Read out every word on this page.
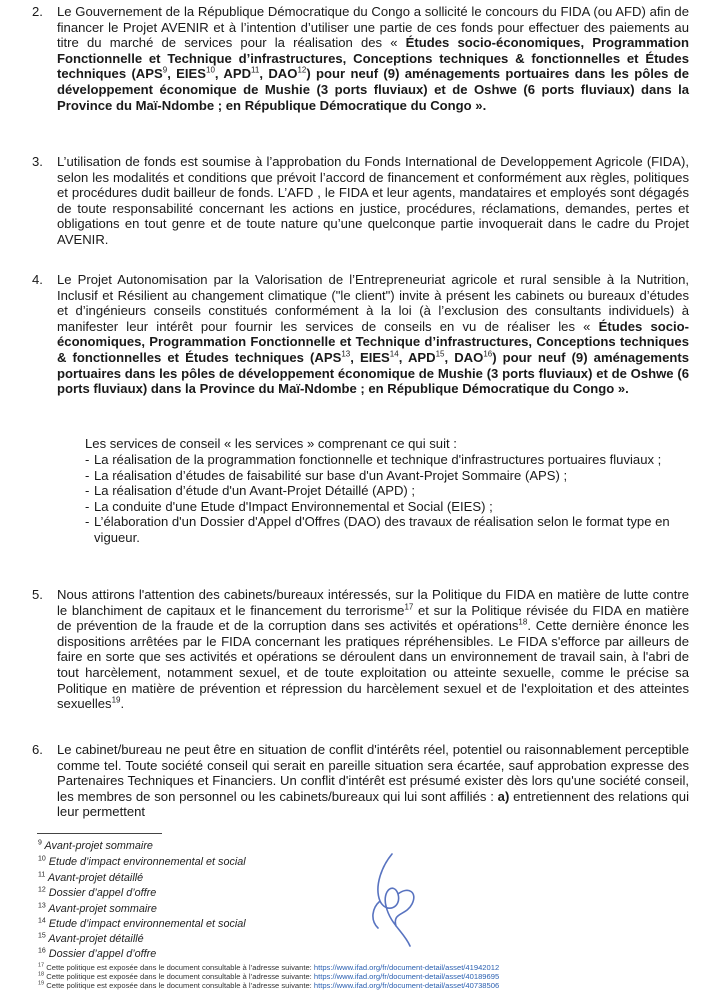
2. Le Gouvernement de la République Démocratique du Congo a sollicité le concours du FIDA (ou AFD) afin de financer le Projet AVENIR et à l’intention d’utiliser une partie de ces fonds pour effectuer des paiements au titre du marché de services pour la réalisation des « Études socio-économiques, Programmation Fonctionnelle et Technique d’infrastructures, Conceptions techniques & fonctionnelles et Études techniques (APS$^9$, EIES$^{10}$, APD$^{11}$, DAO$^{12}$) pour neuf (9) aménagements portuaires dans les pôles de développement économique de Mushie (3 ports fluviaux) et de Oshwe (6 ports fluviaux) dans la Province du Maï-Ndombe ; en République Démocratique du Congo ».
3. L’utilisation de fonds est soumise à l’approbation du Fonds International de Developpement Agricole (FIDA), selon les modalités et conditions que prévoit l’accord de financement et conformément aux règles, politiques et procédures dudit bailleur de fonds. L’AFD , le FIDA et leur agents, mandataires et employés sont dégagés de toute responsabilité concernant les actions en justice, procédures, réclamations, demandes, pertes et obligations en tout genre et de toute nature qu’une quelconque partie invoquerait dans le cadre du Projet AVENIR.
4. Le Projet Autonomisation par la Valorisation de l’Entrepreneuriat agricole et rural sensible à la Nutrition, Inclusif et Résilient au changement climatique ("le client") invite à présent les cabinets ou bureaux d’études et d’ingénieurs conseils constitués conformément à la loi (à l’exclusion des consultants individuels) à manifester leur intérêt pour fournir les services de conseils en vu de réaliser les « Études socio-économiques, Programmation Fonctionnelle et Technique d’infrastructures, Conceptions techniques & fonctionnelles et Études techniques (APS$^{13}$, EIES$^{14}$, APD$^{15}$, DAO$^{16}$) pour neuf (9) aménagements portuaires dans les pôles de développement économique de Mushie (3 ports fluviaux) et de Oshwe (6 ports fluviaux) dans la Province du Maï-Ndombe ; en République Démocratique du Congo ».
Les services de conseil « les services » comprenant ce qui suit :
- La réalisation de la programmation fonctionnelle et technique d'infrastructures portuaires fluviaux ;
- La réalisation d’études de faisabilité sur base d'un Avant-Projet Sommaire (APS) ;
- La réalisation d’étude d'un Avant-Projet Détaillé (APD) ;
- La conduite d'une Etude d'Impact Environnemental et Social (EIES) ;
- L’élaboration d'un Dossier d'Appel d'Offres (DAO) des travaux de réalisation selon le format type en vigueur.
5. Nous attirons l'attention des cabinets/bureaux intéressés, sur la Politique du FIDA en matière de lutte contre le blanchiment de capitaux et le financement du terrorisme$^{17}$ et sur la Politique révisée du FIDA en matière de prévention de la fraude et de la corruption dans ses activités et opérations$^{18}$. Cette dernière énonce les dispositions arrêtées par le FIDA concernant les pratiques répréhensibles. Le FIDA s'efforce par ailleurs de faire en sorte que ses activités et opérations se déroulent dans un environnement de travail sain, à l'abri de tout harcèlement, notamment sexuel, et de toute exploitation ou atteinte sexuelle, comme le précise sa Politique en matière de prévention et répression du harcèlement sexuel et de l'exploitation et des atteintes sexuelles$^{19}$.
6. Le cabinet/bureau ne peut être en situation de conflit d'intérêts réel, potentiel ou raisonnablement perceptible comme tel. Toute société conseil qui serait en pareille situation sera écartée, sauf approbation expresse des Partenaires Techniques et Financiers. Un conflit d'intérêt est présumé exister dès lors qu'une société conseil, les membres de son personnel ou les cabinets/bureaux qui lui sont affiliés : a) entretiennent des relations qui leur permettent
$^9$ Avant-projet sommaire
$^{10}$ Etude d’impact environnemental et social
$^{11}$ Avant-projet détaillé
$^{12}$ Dossier d’appel d’offre
$^{13}$ Avant-projet sommaire
$^{14}$ Etude d’impact environnemental et social
$^{15}$ Avant-projet détaillé
$^{16}$ Dossier d’appel d’offre
$^{17}$ Cette politique est exposée dans le document consultable à l’adresse suivante: https://www.ifad.org/fr/document-detail/asset/41942012
$^{18}$ Cette politique est exposée dans le document consultable à l’adresse suivante: https://www.ifad.org/fr/document-detail/asset/40189695
$^{19}$ Cette politique est exposée dans le document consultable à l’adresse suivante: https://www.ifad.org/fr/document-detail/asset/40738506
